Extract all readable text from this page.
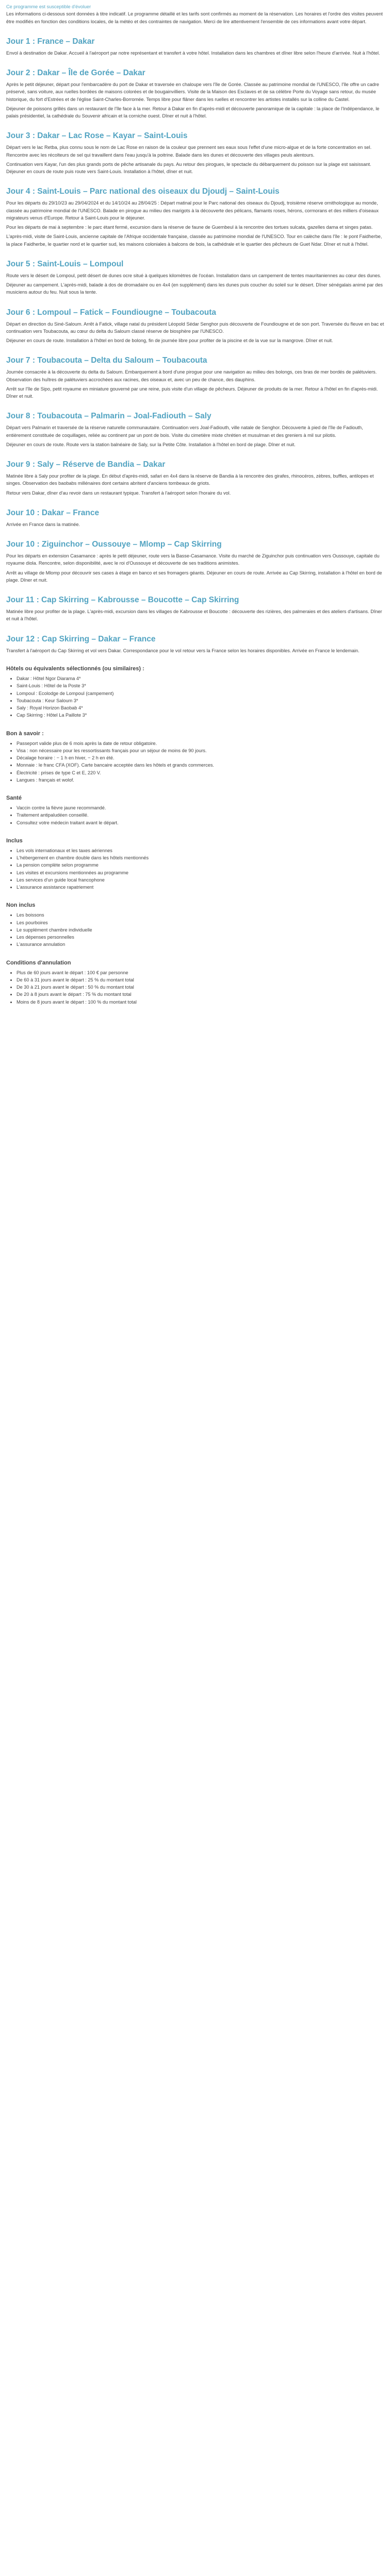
Ce programme est susceptible d'évoluer

Les informations ci-dessous sont données à titre indicatif. Le programme détaillé et les tarifs sont confirmés au moment de la réservation. Les horaires et l'ordre des visites peuvent être modifiés en fonction des conditions locales, de la météo et des contraintes de navigation. Merci de lire attentivement l'ensemble de ces informations avant votre départ.

Jour 1 : France – Dakar

Envol à destination de Dakar. Accueil à l'aéroport par notre représentant et transfert à votre hôtel. Installation dans les chambres et dîner libre selon l'heure d'arrivée. Nuit à l'hôtel.

Jour 2 : Dakar – Île de Gorée – Dakar

Après le petit déjeuner, départ pour l'embarcadère du port de Dakar et traversée en chaloupe vers l'île de Gorée. Classée au patrimoine mondial de l'UNESCO, l'île offre un cadre préservé, sans voiture, aux ruelles bordées de maisons colorées et de bougainvilliers. Visite de la Maison des Esclaves et de sa célèbre Porte du Voyage sans retour, du musée historique, du fort d'Estrées et de l'église Saint-Charles-Borromée. Temps libre pour flâner dans les ruelles et rencontrer les artistes installés sur la colline du Castel.

Déjeuner de poissons grillés dans un restaurant de l'île face à la mer. Retour à Dakar en fin d'après-midi et découverte panoramique de la capitale : la place de l'Indépendance, le palais présidentiel, la cathédrale du Souvenir africain et la corniche ouest. Dîner et nuit à l'hôtel.

Jour 3 : Dakar – Lac Rose – Kayar – Saint-Louis

Départ vers le lac Retba, plus connu sous le nom de Lac Rose en raison de la couleur que prennent ses eaux sous l'effet d'une micro-algue et de la forte concentration en sel. Rencontre avec les récolteurs de sel qui travaillent dans l'eau jusqu'à la poitrine. Balade dans les dunes et découverte des villages peuls alentours.

Continuation vers Kayar, l'un des plus grands ports de pêche artisanale du pays. Au retour des pirogues, le spectacle du débarquement du poisson sur la plage est saisissant. Déjeuner en cours de route puis route vers Saint-Louis. Installation à l'hôtel, dîner et nuit.

Jour 4 : Saint-Louis – Parc national des oiseaux du Djoudj – Saint-Louis

Pour les départs du 29/10/23 au 29/04/2024 et du 14/10/24 au 28/04/25 : Départ matinal pour le Parc national des oiseaux du Djoudj, troisième réserve ornithologique au monde, classée au patrimoine mondial de l'UNESCO. Balade en pirogue au milieu des marigots à la découverte des pélicans, flamants roses, hérons, cormorans et des milliers d'oiseaux migrateurs venus d'Europe. Retour à Saint-Louis pour le déjeuner.

Pour les départs de mai à septembre : le parc étant fermé, excursion dans la réserve de faune de Guembeul à la rencontre des tortues sulcata, gazelles dama et singes patas.

L'après-midi, visite de Saint-Louis, ancienne capitale de l'Afrique occidentale française, classée au patrimoine mondial de l'UNESCO. Tour en calèche dans l'île : le pont Faidherbe, la place Faidherbe, le quartier nord et le quartier sud, les maisons coloniales à balcons de bois, la cathédrale et le quartier des pêcheurs de Guet Ndar. Dîner et nuit à l'hôtel.

Jour 5 : Saint-Louis – Lompoul

Route vers le désert de Lompoul, petit désert de dunes ocre situé à quelques kilomètres de l'océan. Installation dans un campement de tentes mauritaniennes au cœur des dunes.

Déjeuner au campement. L'après-midi, balade à dos de dromadaire ou en 4x4 (en supplément) dans les dunes puis coucher du soleil sur le désert. Dîner sénégalais animé par des musiciens autour du feu. Nuit sous la tente.

Jour 6 : Lompoul – Fatick – Foundiougne – Toubacouta

Départ en direction du Siné-Saloum. Arrêt à Fatick, village natal du président Léopold Sédar Senghor puis découverte de Foundiougne et de son port. Traversée du fleuve en bac et continuation vers Toubacouta, au cœur du delta du Saloum classé réserve de biosphère par l'UNESCO.

Déjeuner en cours de route. Installation à l'hôtel en bord de bolong, fin de journée libre pour profiter de la piscine et de la vue sur la mangrove. Dîner et nuit.

Jour 7 : Toubacouta – Delta du Saloum – Toubacouta

Journée consacrée à la découverte du delta du Saloum. Embarquement à bord d'une pirogue pour une navigation au milieu des bolongs, ces bras de mer bordés de palétuviers. Observation des huîtres de palétuviers accrochées aux racines, des oiseaux et, avec un peu de chance, des dauphins.

Arrêt sur l'île de Sipo, petit royaume en miniature gouverné par une reine, puis visite d'un village de pêcheurs. Déjeuner de produits de la mer. Retour à l'hôtel en fin d'après-midi. Dîner et nuit.

Jour 8 : Toubacouta – Palmarin – Joal-Fadiouth – Saly

Départ vers Palmarin et traversée de la réserve naturelle communautaire. Continuation vers Joal-Fadiouth, ville natale de Senghor. Découverte à pied de l'île de Fadiouth, entièrement constituée de coquillages, reliée au continent par un pont de bois. Visite du cimetière mixte chrétien et musulman et des greniers à mil sur pilotis.

Déjeuner en cours de route. Route vers la station balnéaire de Saly, sur la Petite Côte. Installation à l'hôtel en bord de plage. Dîner et nuit.

Jour 9 : Saly – Réserve de Bandia – Dakar

Matinée libre à Saly pour profiter de la plage. En début d'après-midi, safari en 4x4 dans la réserve de Bandia à la rencontre des girafes, rhinocéros, zèbres, buffles, antilopes et singes. Observation des baobabs millénaires dont certains abritent d'anciens tombeaux de griots.

Retour vers Dakar, dîner d'au revoir dans un restaurant typique. Transfert à l'aéroport selon l'horaire du vol.

Jour 10 : Dakar – France

Arrivée en France dans la matinée.

Jour 10 : Ziguinchor – Oussouye – Mlomp – Cap Skirring

Pour les départs en extension Casamance : après le petit déjeuner, route vers la Basse-Casamance. Visite du marché de Ziguinchor puis continuation vers Oussouye, capitale du royaume diola. Rencontre, selon disponibilité, avec le roi d'Oussouye et découverte de ses traditions animistes.

Arrêt au village de Mlomp pour découvrir ses cases à étage en banco et ses fromagers géants. Déjeuner en cours de route. Arrivée au Cap Skirring, installation à l'hôtel en bord de plage. Dîner et nuit.

Jour 11 : Cap Skirring – Kabrousse – Boucotte – Cap Skirring

Matinée libre pour profiter de la plage. L'après-midi, excursion dans les villages de Kabrousse et Boucotte : découverte des rizières, des palmeraies et des ateliers d'artisans. Dîner et nuit à l'hôtel.

Jour 12 : Cap Skirring – Dakar – France

Transfert à l'aéroport du Cap Skirring et vol vers Dakar. Correspondance pour le vol retour vers la France selon les horaires disponibles. Arrivée en France le lendemain.

Hôtels ou équivalents sélectionnés (ou similaires) :
• Dakar : Hôtel Ngor Diarama 4*
• Saint-Louis : Hôtel de la Poste 3*
• Lompoul : Ecolodge de Lompoul (campement)
• Toubacouta : Keur Saloum 3*
• Saly : Royal Horizon Baobab 4*
• Cap Skirring : Hôtel La Paillote 3*
Bon à savoir :
• Passeport valide plus de 6 mois après la date de retour obligatoire.
• Visa : non nécessaire pour les ressortissants français pour un séjour de moins de 90 jours.
• Décalage horaire : − 1 h en hiver, − 2 h en été.
• Monnaie : le franc CFA (XOF). Carte bancaire acceptée dans les hôtels et grands commerces.
• Électricité : prises de type C et E, 220 V.
• Langues : français et wolof.
Santé
• Vaccin contre la fièvre jaune recommandé.
• Traitement antipaludéen conseillé.
• Consultez votre médecin traitant avant le départ.
Inclus
• Les vols internationaux et les taxes aériennes
• L'hébergement en chambre double dans les hôtels mentionnés
• La pension complète selon programme
• Les visites et excursions mentionnées au programme
• Les services d'un guide local francophone
• L'assurance assistance rapatriement
Non inclus
• Les boissons
• Les pourboires
• Le supplément chambre individuelle
• Les dépenses personnelles
• L'assurance annulation
Conditions d'annulation
• Plus de 60 jours avant le départ : 100 € par personne
• De 60 à 31 jours avant le départ : 25 % du montant total
• De 30 à 21 jours avant le départ : 50 % du montant total
• De 20 à 8 jours avant le départ : 75 % du montant total
• Moins de 8 jours avant le départ : 100 % du montant total
